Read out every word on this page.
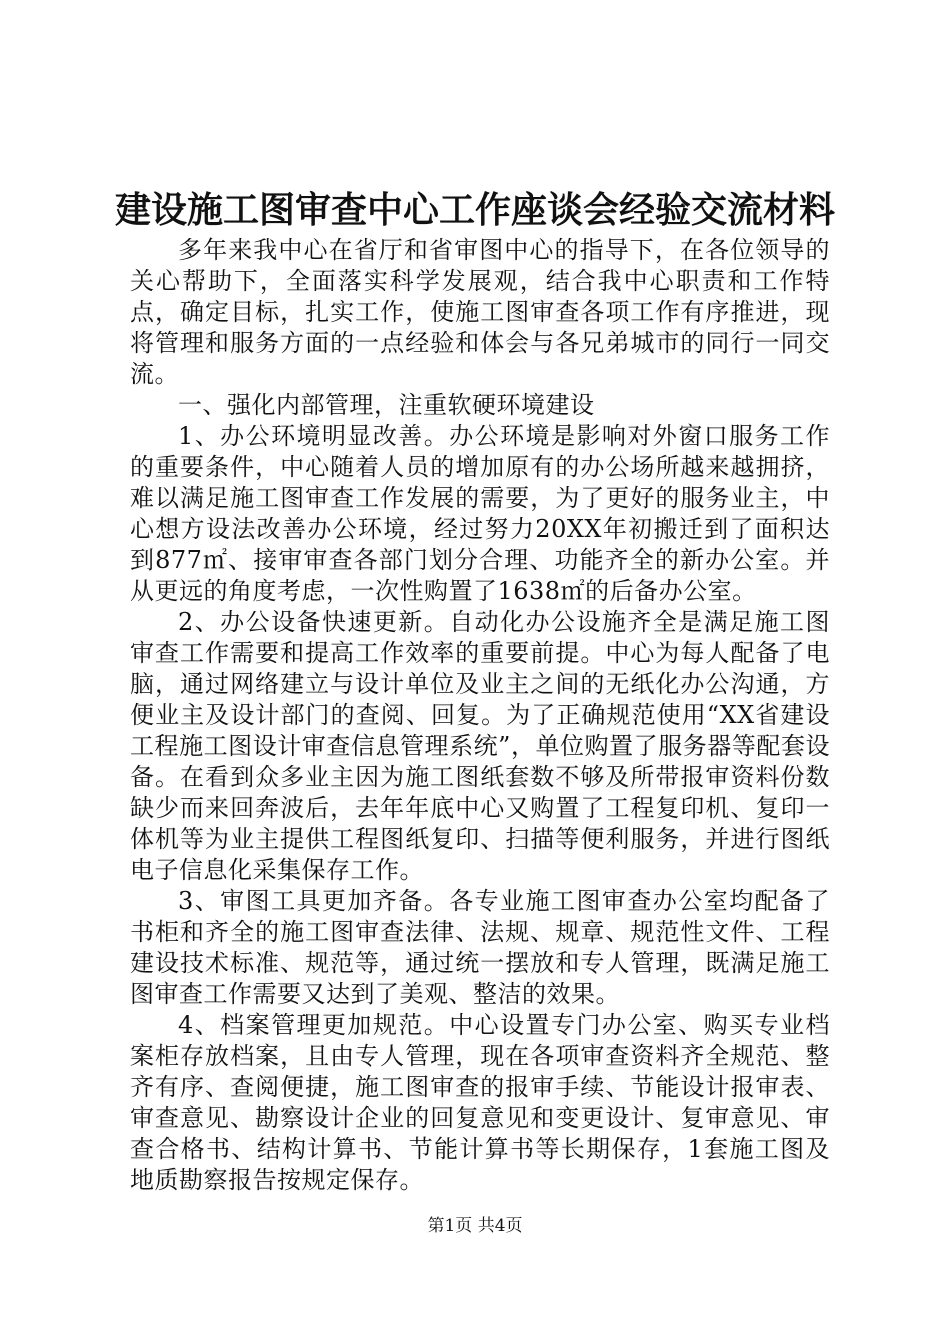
建设施工图审查中心工作座谈会经验交流材料

多年来我中心在省厅和省审图中心的指导下，在各位领导的关心帮助下，全面落实科学发展观，结合我中心职责和工作特点，确定目标，扎实工作，使施工图审查各项工作有序推进，现将管理和服务方面的一点经验和体会与各兄弟城市的同行一同交流。

一、强化内部管理，注重软硬环境建设

1、办公环境明显改善。办公环境是影响对外窗口服务工作的重要条件，中心随着人员的增加原有的办公场所越来越拥挤，难以满足施工图审查工作发展的需要，为了更好的服务业主，中心想方设法改善办公环境，经过努力20XX年初搬迁到了面积达到877㎡、接审审查各部门划分合理、功能齐全的新办公室。并从更远的角度考虑，一次性购置了1638㎡的后备办公室。

2、办公设备快速更新。自动化办公设施齐全是满足施工图审查工作需要和提高工作效率的重要前提。中心为每人配备了电脑，通过网络建立与设计单位及业主之间的无纸化办公沟通，方便业主及设计部门的查阅、回复。为了正确规范使用“XX省建设工程施工图设计审查信息管理系统”，单位购置了服务器等配套设备。在看到众多业主因为施工图纸套数不够及所带报审资料份数缺少而来回奔波后，去年年底中心又购置了工程复印机、复印一体机等为业主提供工程图纸复印、扫描等便利服务，并进行图纸电子信息化采集保存工作。

3、审图工具更加齐备。各专业施工图审查办公室均配备了书柜和齐全的施工图审查法律、法规、规章、规范性文件、工程建设技术标准、规范等，通过统一摆放和专人管理，既满足施工图审查工作需要又达到了美观、整洁的效果。

4、档案管理更加规范。中心设置专门办公室、购买专业档案柜存放档案，且由专人管理，现在各项审查资料齐全规范、整齐有序、查阅便捷，施工图审查的报审手续、节能设计报审表、审查意见、勘察设计企业的回复意见和变更设计、复审意见、审查合格书、结构计算书、节能计算书等长期保存，1套施工图及地质勘察报告按规定保存。

第1页 共4页
